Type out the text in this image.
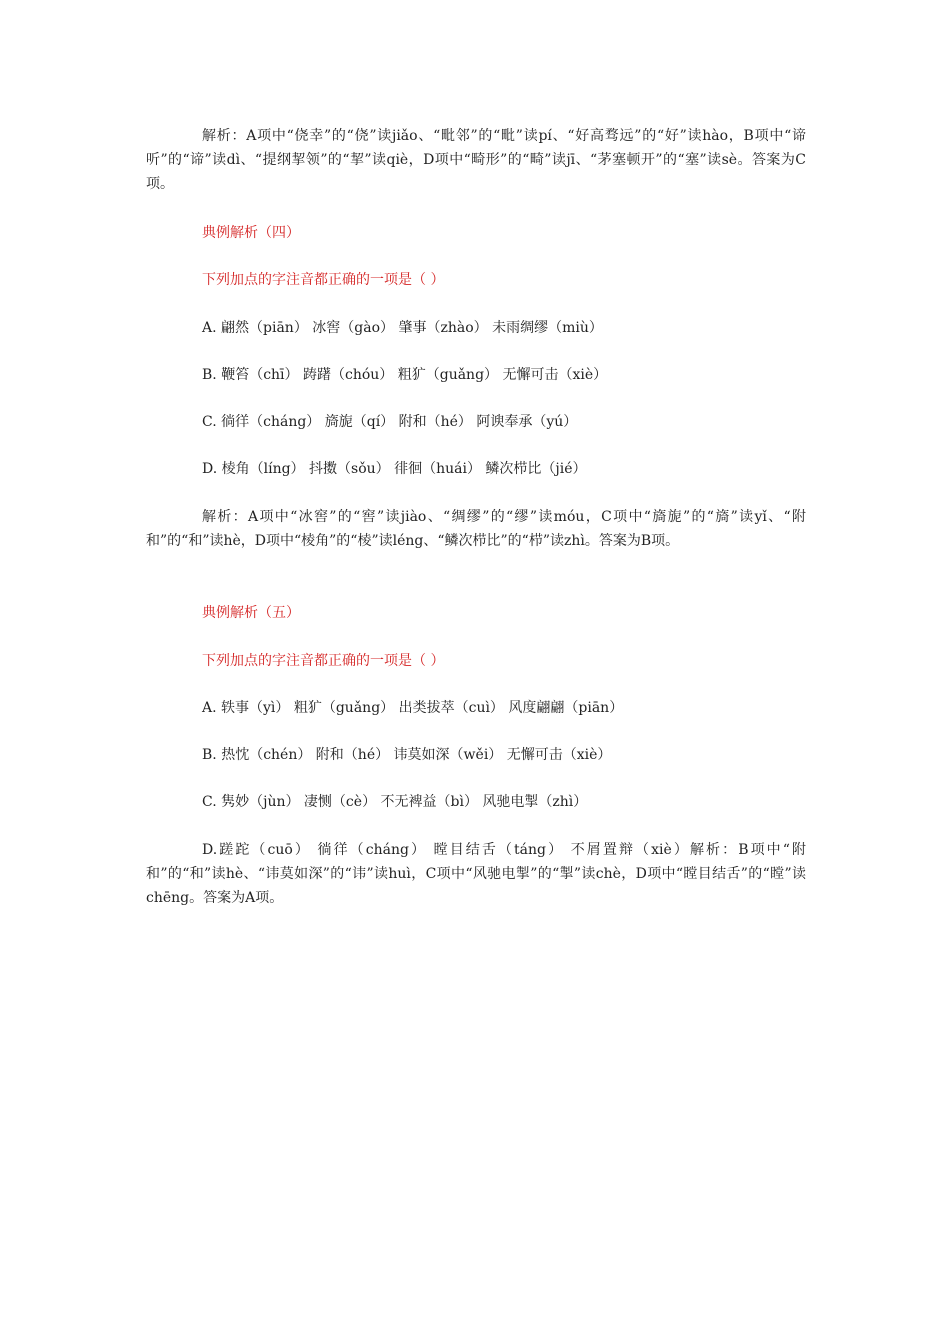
解析：A项中“侥幸”的“侥”读jiǎo、“毗邻”的“毗”读pí、“好高骛远”的“好”读hào，B项中“谛听”的“谛”读dì、“提纲挈领”的“挈”读qiè，D项中“畸形”的“畸”读jī、“茅塞顿开”的“塞”读sè。答案为C项。

典例解析（四）

下列加点的字注音都正确的一项是（ ）

A. 翩然（piān） 冰窖（gào） 肇事（zhào） 未雨绸缪（miù）

B. 鞭笞（chī） 踌躇（chóu） 粗犷（guǎng） 无懈可击（xiè）

C. 徜徉（cháng） 旖旎（qí） 附和（hé） 阿谀奉承（yú）

D. 棱角（líng） 抖擞（sǒu） 徘徊（huái） 鳞次栉比（jié）

解析：A项中“冰窖”的“窖”读jiào、“绸缪”的“缪”读móu，C项中“旖旎”的“旖”读yǐ、“附和”的“和”读hè，D项中“棱角”的“棱”读léng、“鳞次栉比”的“栉”读zhì。答案为B项。

典例解析（五）

下列加点的字注音都正确的一项是（ ）

A. 轶事（yì） 粗犷（guǎng） 出类拔萃（cuì） 风度翩翩（piān）

B. 热忱（chén） 附和（hé） 讳莫如深（wěi） 无懈可击（xiè）

C. 隽妙（jùn） 凄恻（cè） 不无裨益（bì） 风驰电掣（zhì）

D.蹉跎（cuō） 徜徉（cháng） 瞠目结舌（táng） 不屑置辩（xiè）解析：B项中“附和”的“和”读hè、“讳莫如深”的“讳”读huì，C项中“风驰电掣”的“掣”读chè，D项中“瞠目结舌”的“瞠”读chēng。答案为A项。
